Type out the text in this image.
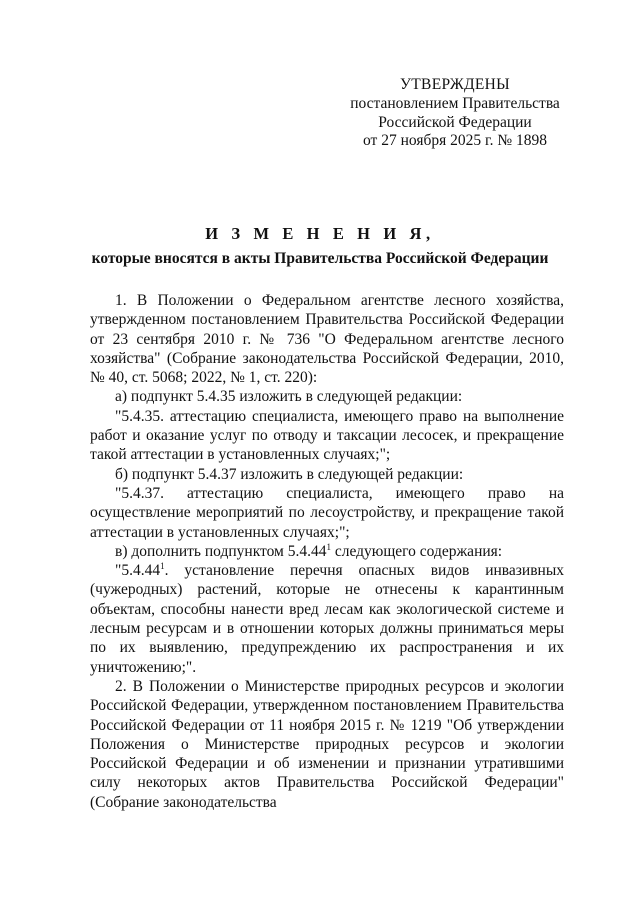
УТВЕРЖДЕНЫ
постановлением Правительства
Российской Федерации
от 27 ноября 2025 г. № 1898
И З М Е Н Е Н И Я,
которые вносятся в акты Правительства Российской Федерации

1. В Положении о Федеральном агентстве лесного хозяйства, утвержденном постановлением Правительства Российской Федерации от 23 сентября 2010 г. № 736 "О Федеральном агентстве лесного хозяйства" (Собрание законодательства Российской Федерации, 2010, № 40, ст. 5068; 2022, № 1, ст. 220):

а) подпункт 5.4.35 изложить в следующей редакции:

"5.4.35. аттестацию специалиста, имеющего право на выполнение работ и оказание услуг по отводу и таксации лесосек, и прекращение такой аттестации в установленных случаях;";

б) подпункт 5.4.37 изложить в следующей редакции:

"5.4.37. аттестацию специалиста, имеющего право на осуществление мероприятий по лесоустройству, и прекращение такой аттестации в установленных случаях;";

в) дополнить подпунктом 5.4.44$^1$ следующего содержания:

"5.4.44$^1$. установление перечня опасных видов инвазивных (чужеродных) растений, которые не отнесены к карантинным объектам, способны нанести вред лесам как экологической системе и лесным ресурсам и в отношении которых должны приниматься меры по их выявлению, предупреждению их распространения и их уничтожению;".

2. В Положении о Министерстве природных ресурсов и экологии Российской Федерации, утвержденном постановлением Правительства Российской Федерации от 11 ноября 2015 г. № 1219 "Об утверждении Положения о Министерстве природных ресурсов и экологии Российской Федерации и об изменении и признании утратившими силу некоторых актов Правительства Российской Федерации" (Собрание законодательства
